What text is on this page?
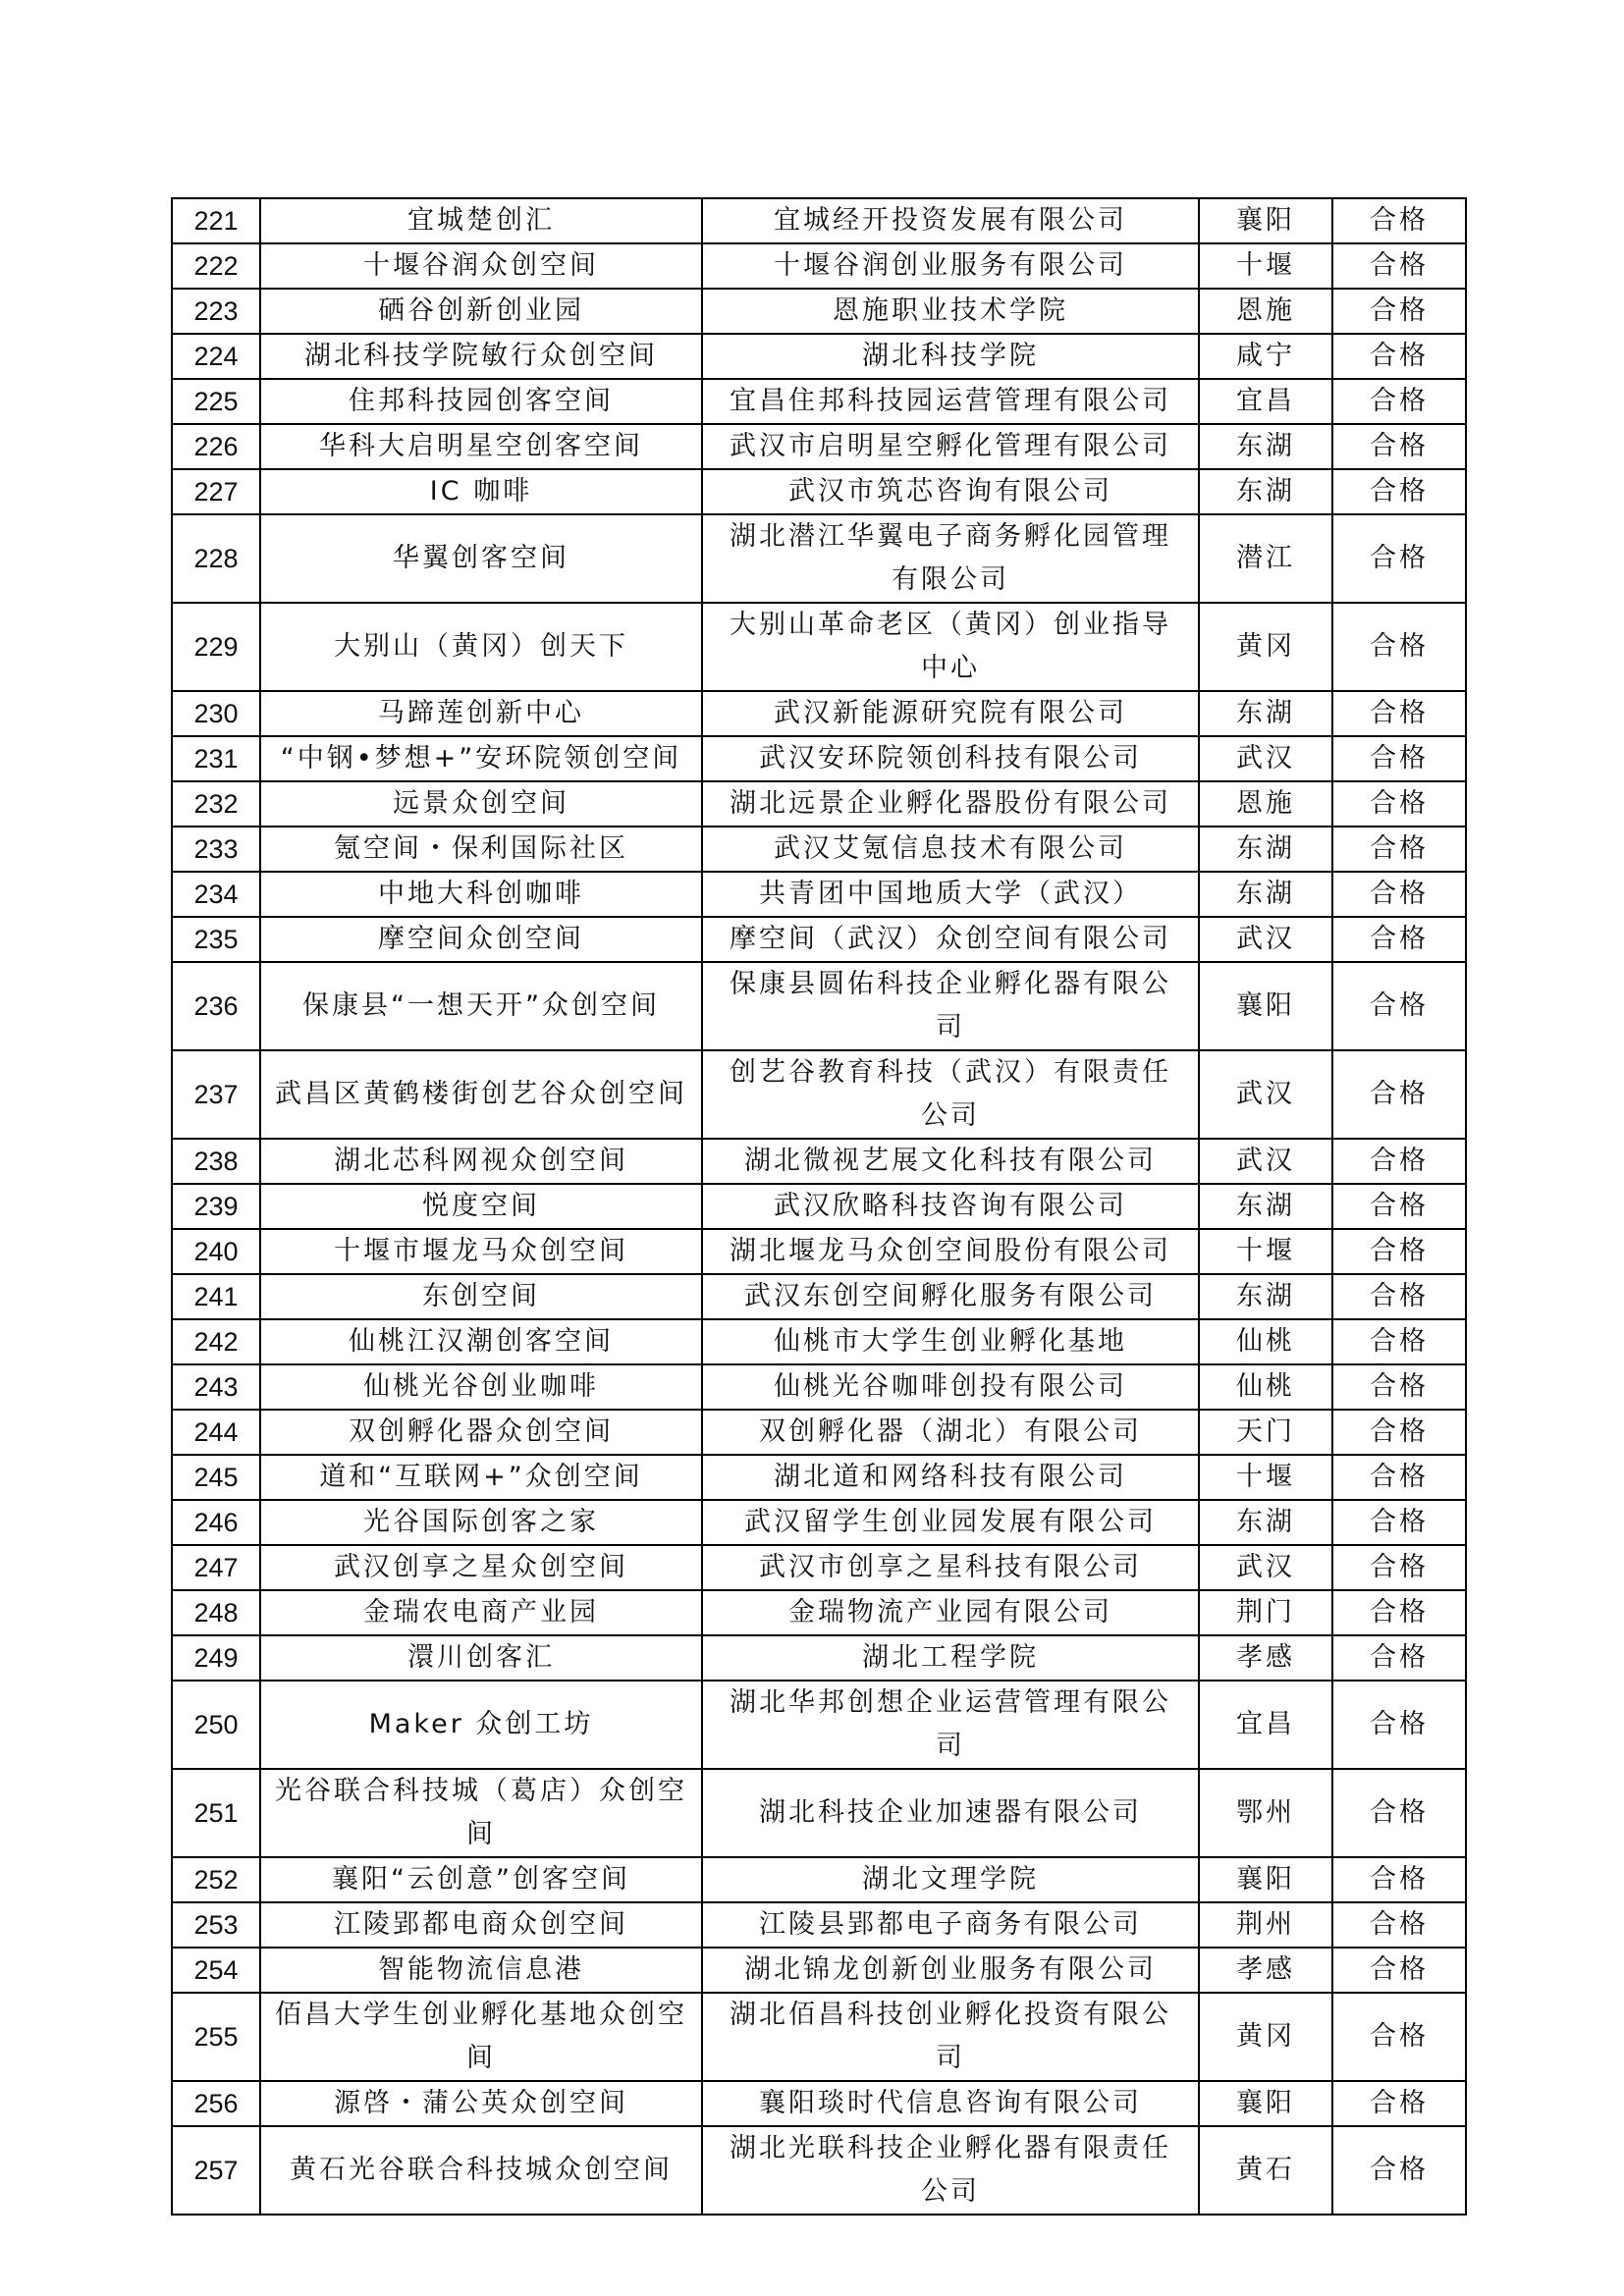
221	宜城楚创汇	宜城经开投资发展有限公司	襄阳	合格
222	十堰谷润众创空间	十堰谷润创业服务有限公司	十堰	合格
223	硒谷创新创业园	恩施职业技术学院	恩施	合格
224	湖北科技学院敏行众创空间	湖北科技学院	咸宁	合格
225	住邦科技园创客空间	宜昌住邦科技园运营管理有限公司	宜昌	合格
226	华科大启明星空创客空间	武汉市启明星空孵化管理有限公司	东湖	合格
227	IC 咖啡	武汉市筑芯咨询有限公司	东湖	合格
228	华翼创客空间	湖北潜江华翼电子商务孵化园管理有限公司	潜江	合格
229	大别山（黄冈）创天下	大别山革命老区（黄冈）创业指导中心	黄冈	合格
230	马蹄莲创新中心	武汉新能源研究院有限公司	东湖	合格
231	“中钢•梦想+”安环院领创空间	武汉安环院领创科技有限公司	武汉	合格
232	远景众创空间	湖北远景企业孵化器股份有限公司	恩施	合格
233	氪空间・保利国际社区	武汉艾氪信息技术有限公司	东湖	合格
234	中地大科创咖啡	共青团中国地质大学（武汉）	东湖	合格
235	摩空间众创空间	摩空间（武汉）众创空间有限公司	武汉	合格
236	保康县“一想天开”众创空间	保康县圆佑科技企业孵化器有限公司	襄阳	合格
237	武昌区黄鹤楼街创艺谷众创空间	创艺谷教育科技（武汉）有限责任公司	武汉	合格
238	湖北芯科网视众创空间	湖北微视艺展文化科技有限公司	武汉	合格
239	悦度空间	武汉欣略科技咨询有限公司	东湖	合格
240	十堰市堰龙马众创空间	湖北堰龙马众创空间股份有限公司	十堰	合格
241	东创空间	武汉东创空间孵化服务有限公司	东湖	合格
242	仙桃江汉潮创客空间	仙桃市大学生创业孵化基地	仙桃	合格
243	仙桃光谷创业咖啡	仙桃光谷咖啡创投有限公司	仙桃	合格
244	双创孵化器众创空间	双创孵化器（湖北）有限公司	天门	合格
245	道和“互联网+”众创空间	湖北道和网络科技有限公司	十堰	合格
246	光谷国际创客之家	武汉留学生创业园发展有限公司	东湖	合格
247	武汉创享之星众创空间	武汉市创享之星科技有限公司	武汉	合格
248	金瑞农电商产业园	金瑞物流产业园有限公司	荆门	合格
249	澴川创客汇	湖北工程学院	孝感	合格
250	Maker 众创工坊	湖北华邦创想企业运营管理有限公司	宜昌	合格
251	光谷联合科技城（葛店）众创空间	湖北科技企业加速器有限公司	鄂州	合格
252	襄阳“云创意”创客空间	湖北文理学院	襄阳	合格
253	江陵郢都电商众创空间	江陵县郢都电子商务有限公司	荆州	合格
254	智能物流信息港	湖北锦龙创新创业服务有限公司	孝感	合格
255	佰昌大学生创业孵化基地众创空间	湖北佰昌科技创业孵化投资有限公司	黄冈	合格
256	源啓・蒲公英众创空间	襄阳琰时代信息咨询有限公司	襄阳	合格
257	黄石光谷联合科技城众创空间	湖北光联科技企业孵化器有限责任公司	黄石	合格
